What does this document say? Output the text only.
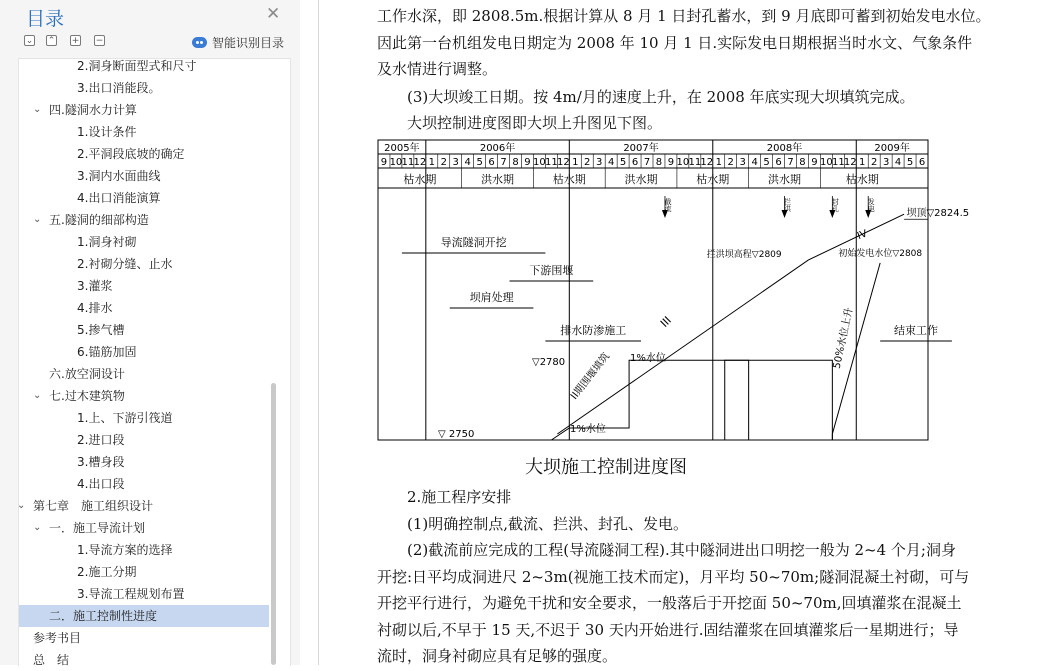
目录	✕
⌄ ⌃ + −	智能识别目录
2.洞身断面型式和尺寸
3.出口消能段。
⌄ 四.隧洞水力计算
1.设计条件
2.平洞段底坡的确定
3.洞内水面曲线
4.出口消能演算
⌄ 五.隧洞的细部构造
1.洞身衬砌
2.衬砌分缝、止水
3.灌浆
4.排水
5.掺气槽
6.锚筋加固
六.放空洞设计
⌄ 七.过木建筑物
1.上、下游引筏道
2.进口段
3.槽身段
4.出口段
⌄ 第七章　施工组织设计
⌄ 一．施工导流计划
1.导流方案的选择
2.施工分期
3.导流工程规划布置
二．施工控制性进度
参考书目
总　结
工作水深，即 2808.5m.根据计算从 8 月 1 日封孔蓄水，到 9 月底即可蓄到初始发电水位。
因此第一台机组发电日期定为 2008 年 10 月 1 日.实际发电日期根据当时水文、气象条件
及水情进行调整。
(3)大坝竣工日期。按 4m/月的速度上升，在 2008 年底实现大坝填筑完成。
大坝控制进度图即大坝上升图见下图。
2005年
9 10 11 12
2006年
1 2 3 4 5 6 7 8 9 10 11 12
2007年
1 2 3 4 5 6 7 8 9 10 11 12
2008年
1 2 3 4 5 6 7 8 9 10 11 12
2009年
1 2 3 4 5 6
枯水期	洪水期	枯水期	洪水期	枯水期	洪水期	枯水期
截流	拦洪	封孔	发电
导流隧洞开挖
下游围堰
坝肩处理
排水防渗施工	结束工作
▽2780
▽ 2750
1%水位
1%水位
II期围堰填筑
III
IV
50%水位上升
拦洪坝高程▽2809	初始发电水位▽2808
坝顶▽2824.5
大坝施工控制进度图
2.施工程序安排
(1)明确控制点,截流、拦洪、封孔、发电。
(2)截流前应完成的工程(导流隧洞工程).其中隧洞进出口明挖一般为 2~4 个月;洞身
开挖:日平均成洞进尺 2~3m(视施工技术而定)，月平均 50~70m;隧洞混凝土衬砌，可与
开挖平行进行，为避免干扰和安全要求，一般落后于开挖面 50~70m,回填灌浆在混凝土
衬砌以后,不早于 15 天,不迟于 30 天内开始进行.固结灌浆在回填灌浆后一星期进行；导
流时，洞身衬砌应具有足够的强度。
